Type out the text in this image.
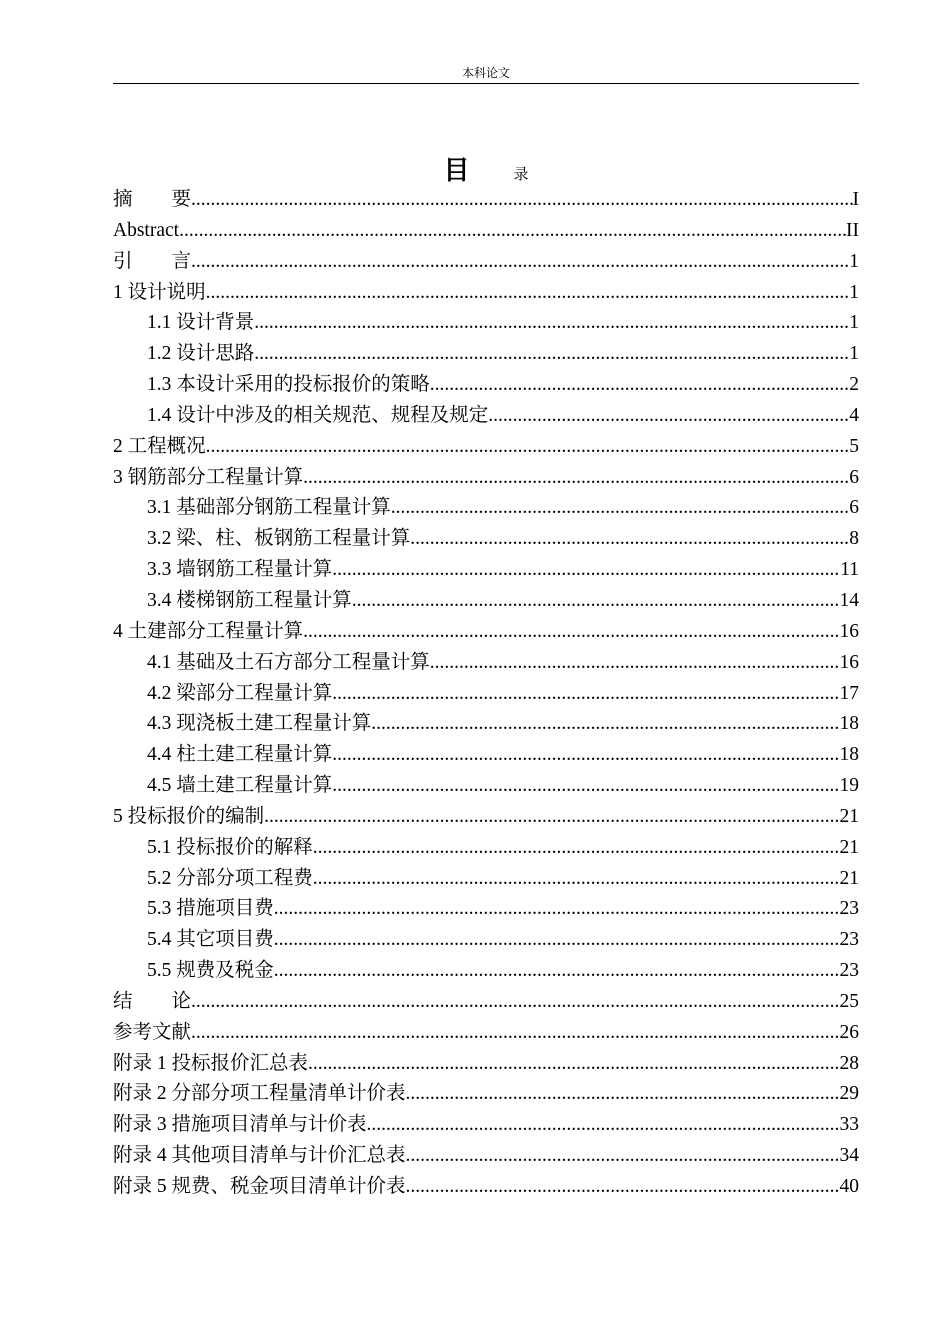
本科论文
目	录
摘　　要 .....	I
Abstract .....	II
引　　言 .....	1
1 设计说明 .....	1
1.1 设计背景 .....	1
1.2 设计思路 .....	1
1.3 本设计采用的投标报价的策略 .....	2
1.4 设计中涉及的相关规范、规程及规定 .....	4
2 工程概况 .....	5
3 钢筋部分工程量计算 .....	6
3.1 基础部分钢筋工程量计算 .....	6
3.2 梁、柱、板钢筋工程量计算 .....	8
3.3 墙钢筋工程量计算 .....	11
3.4 楼梯钢筋工程量计算 .....	14
4 土建部分工程量计算 .....	16
4.1 基础及土石方部分工程量计算 .....	16
4.2 梁部分工程量计算 .....	17
4.3 现浇板土建工程量计算 .....	18
4.4 柱土建工程量计算 .....	18
4.5 墙土建工程量计算 .....	19
5 投标报价的编制 .....	21
5.1 投标报价的解释 .....	21
5.2 分部分项工程费 .....	21
5.3 措施项目费 .....	23
5.4 其它项目费 .....	23
5.5 规费及税金 .....	23
结　　论 .....	25
参考文献 .....	26
附录 1 投标报价汇总表 .....	28
附录 2 分部分项工程量清单计价表 .....	29
附录 3 措施项目清单与计价表 .....	33
附录 4 其他项目清单与计价汇总表 .....	34
附录 5 规费、税金项目清单计价表 .....	40
